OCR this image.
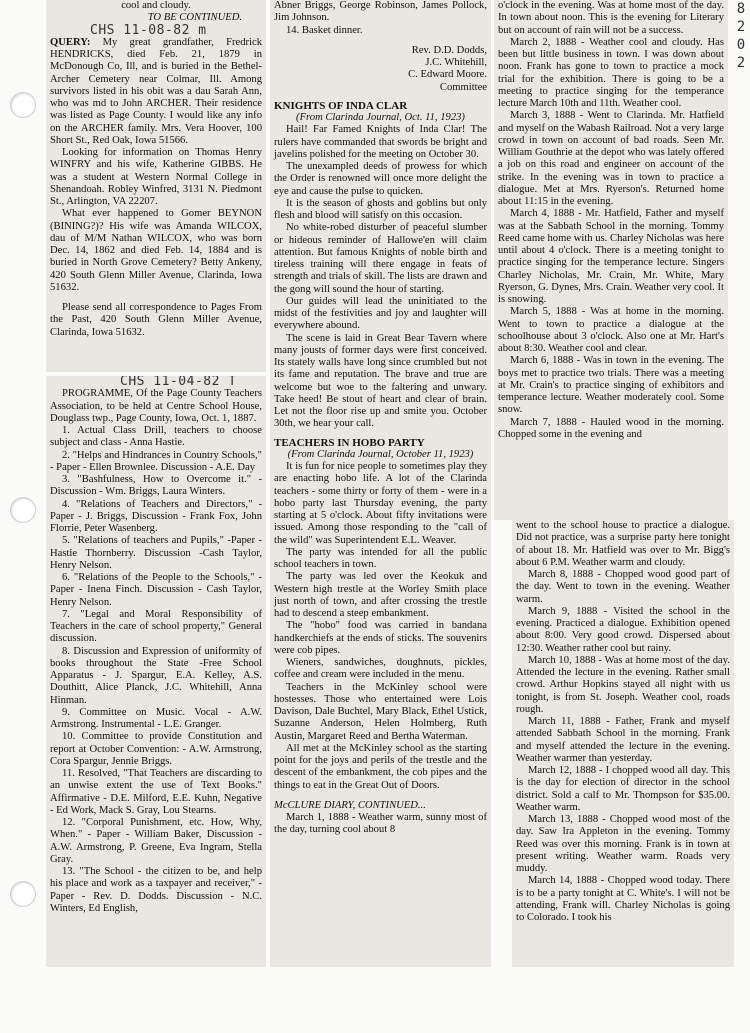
8
2
0
2

cool and cloudy.

TO BE CONTINUED.

CHS 11-08-82 m

QUERY: My great grandfather, Fredrick HENDRICKS, died Feb. 21, 1879 in McDonough Co, Ill, and is buried in the Bethel-Archer Cemetery near Colmar, Ill. Among survivors listed in his obit was a dau Sarah Ann, who was md to John ARCHER. Their residence was listed as Page County. I would like any info on the ARCHER family. Mrs. Vera Hoover, 100 Short St., Red Oak, Iowa 51566.

Looking for information on Thomas Henry WINFRY and his wife, Katherine GIBBS. He was a student at Western Normal College in Shenandoah. Robley Winfred, 3131 N. Piedmont St., Arlington, VA 22207.

What ever happened to Gomer BEYNON (BINING?)? His wife was Amanda WILCOX, dau of M/M Nathan WILCOX, who was born Dec. 14, 1862 and died Feb. 14, 1884 and is buried in North Grove Cemetery? Betty Ankeny, 420 South Glenn Miller Avenue, Clarinda, Iowa 51632.

Please send all correspondence to Pages From the Past, 420 South Glenn Miller Avenue, Clarinda, Iowa 51632.

CHS 11-04-82 T

PROGRAMME, Of the Page County Teachers Association, to be held at Centre School House, Douglass twp., Page County, Iowa, Oct. 1, 1887.

1. Actual Class Drill, teachers to choose subject and class - Anna Hastie.

2. "Helps and Hindrances in Country Schools," - Paper - Ellen Brownlee. Discussion - A.E. Day

3. "Bashfulness, How to Overcome it." -Discussion - Wm. Briggs, Laura Winters.

4. "Relations of Teachers and Directors," - Paper - J. Briggs, Discussion - Frank Fox, John Florrie, Peter Wasenberg.

5. "Relations of teachers and Pupils," -Paper - Hastie Thornberry. Discussion -Cash Taylor, Henry Nelson.

6. "Relations of the People to the Schools," - Paper - Inena Finch. Discussion - Cash Taylor, Henry Nelson.

7. "Legal and Moral Responsibility of Teachers in the care of school property," General discussion.

8. Discussion and Expression of uniformity of books throughout the State -Free School Apparatus - J. Spargur, E.A. Kelley, A.S. Douthitt, Alice Planck, J.C. Whitehill, Anna Hinman.

9. Committee on Music. Vocal - A.W. Armstrong. Instrumental - L.E. Granger.

10. Committee to provide Constitution and report at October Convention: - A.W. Armstrong, Cora Spargur, Jennie Briggs.

11. Resolved, "That Teachers are discarding to an unwise extent the use of Text Books." Affirmative - D.E. Milford, E.E. Kuhn, Negative - Ed Work, Mack S. Gray, Lou Stearns.

12. "Corporal Punishment, etc. How, Why, When." - Paper - William Baker, Discussion - A.W. Armstrong, P. Greene, Eva Ingram, Stella Gray.

13. "The School - the citizen to be, and help his place and work as a taxpayer and receiver," - Paper - Rev. D. Dodds. Discussion - N.C. Winters, Ed English,

Abner Briggs, George Robinson, James Pollock, Jim Johnson.

14. Basket dinner.

Rev. D.D. Dodds,

J.C. Whitehill,

C. Edward Moore.

Committee

KNIGHTS OF INDA CLAR

(From Clarinda Journal, Oct. 11, 1923)

Hail! Far Famed Knights of Inda Clar! The rulers have commanded that swords be bright and javelins polished for the meeting on October 30.

The unexampled deeds of prowess for which the Order is renowned will once more delight the eye and cause the pulse to quicken.

It is the season of ghosts and goblins but only flesh and blood will satisfy on this occasion.

No white-robed disturber of peaceful slumber or hideous reminder of Hallowe'en will claim attention. But famous Knights of noble birth and tireless training will there engage in feats of strength and trials of skill. The lists are drawn and the gong will sound the hour of starting.

Our guides will lead the uninitiated to the midst of the festivities and joy and laughter will everywhere abound.

The scene is laid in Great Bear Tavern where many jousts of former days were first conceived. Its stately walls have long since crumbled but not its fame and reputation. The brave and true are welcome but woe to the faltering and unwary. Take heed! Be stout of heart and clear of brain. Let not the floor rise up and smite you. October 30th, we hear your call.

TEACHERS IN HOBO PARTY

(From Clarinda Journal, October 11, 1923)

It is fun for nice people to sometimes play they are enacting hobo life. A lot of the Clarinda teachers - some thirty or forty of them - were in a hobo party last Thursday evening, the party starting at 5 o'clock. About fifty invitations were issued. Among those responding to the "call of the wild" was Superintendent E.L. Weaver.

The party was intended for all the public school teachers in town.

The party was led over the Keokuk and Western high trestle at the Worley Smith place just north of town, and after crossing the trestle had to descend a steep embankment.

The "hobo" food was carried in bandana handkerchiefs at the ends of sticks. The souvenirs were cob pipes.

Wieners, sandwiches, doughnuts, pickles, coffee and cream were included in the menu.

Teachers in the McKinley school were hostesses. Those who entertained were Lois Davison, Dale Buchtel, Mary Black, Ethel Ustick, Suzanne Anderson, Helen Holmberg, Ruth Austin, Margaret Reed and Bertha Waterman.

All met at the McKinley school as the starting point for the joys and perils of the trestle and the descent of the embankment, the cob pipes and the things to eat in the Great Out of Doors.

McCLURE DIARY, CONTINUED...

March 1, 1888 - Weather warm, sunny most of the day, turning cool about 8

o'clock in the evening. Was at home most of the day. In town about noon. This is the evening for Literary but on account of rain will not be a success.

March 2, 1888 - Weather cool and cloudy. Has been but little business in town. I was down about noon. Frank has gone to town to practice a mock trial for the exhibition. There is going to be a meeting to practice singing for the temperance lecture March 10th and 11th. Weather cool.

March 3, 1888 - Went to Clarinda. Mr. Hatfield and myself on the Wabash Railroad. Not a very large crowd in town on account of bad roads. Seen Mr. William Gouthrie at the depot who was lately offered a job on this road and engineer on account of the strike. In the evening was in town to practice a dialogue. Met at Mrs. Ryerson's. Returned home about 11:15 in the evening.

March 4, 1888 - Mr. Hatfield, Father and myself was at the Sabbath School in the morning. Tommy Reed came home with us. Charley Nicholas was here until about 4 o'clock. There is a meeting tonight to practice singing for the temperance lecture. Singers Charley Nicholas, Mr. Crain, Mr. White, Mary Ryerson, G. Dynes, Mrs. Crain. Weather very cool. It is snowing.

March 5, 1888 - Was at home in the morning. Went to town to practice a dialogue at the schoolhouse about 3 o'clock. Also one at Mr. Hart's about 8:30. Weather cool and clear.

March 6, 1888 - Was in town in the evening. The boys met to practice two trials. There was a meeting at Mr. Crain's to practice singing of exhibitors and temperance lecture. Weather moderately cool. Some snow.

March 7, 1888 - Hauled wood in the morning. Chopped some in the evening and

went to the school house to practice a dialogue. Did not practice, was a surprise party here tonight of about 18. Mr. Hatfield was over to Mr. Bigg's about 6 P.M. Weather warm and cloudy.

March 8, 1888 - Chopped wood good part of the day. Went to town in the evening. Weather warm.

March 9, 1888 - Visited the school in the evening. Practiced a dialogue. Exhibition opened about 8:00. Very good crowd. Dispersed about 12:30. Weather rather cool but rainy.

March 10, 1888 - Was at home most of the day. Attended the lecture in the evening. Rather small crowd. Arthur Hopkins stayed all night with us tonight, is from St. Joseph. Weather cool, roads rough.

March 11, 1888 - Father, Frank and myself attended Sabbath School in the morning. Frank and myself attended the lecture in the evening. Weather warmer than yesterday.

March 12, 1888 - I chopped wood all day. This is the day for election of director in the school district. Sold a calf to Mr. Thompson for $35.00. Weather warm.

March 13, 1888 - Chopped wood most of the day. Saw Ira Appleton in the evening. Tommy Reed was over this morning. Frank is in town at present writing. Weather warm. Roads very muddy.

March 14, 1888 - Chopped wood today. There is to be a party tonight at C. White's. I will not be attending, Frank will. Charley Nicholas is going to Colorado. I took his
